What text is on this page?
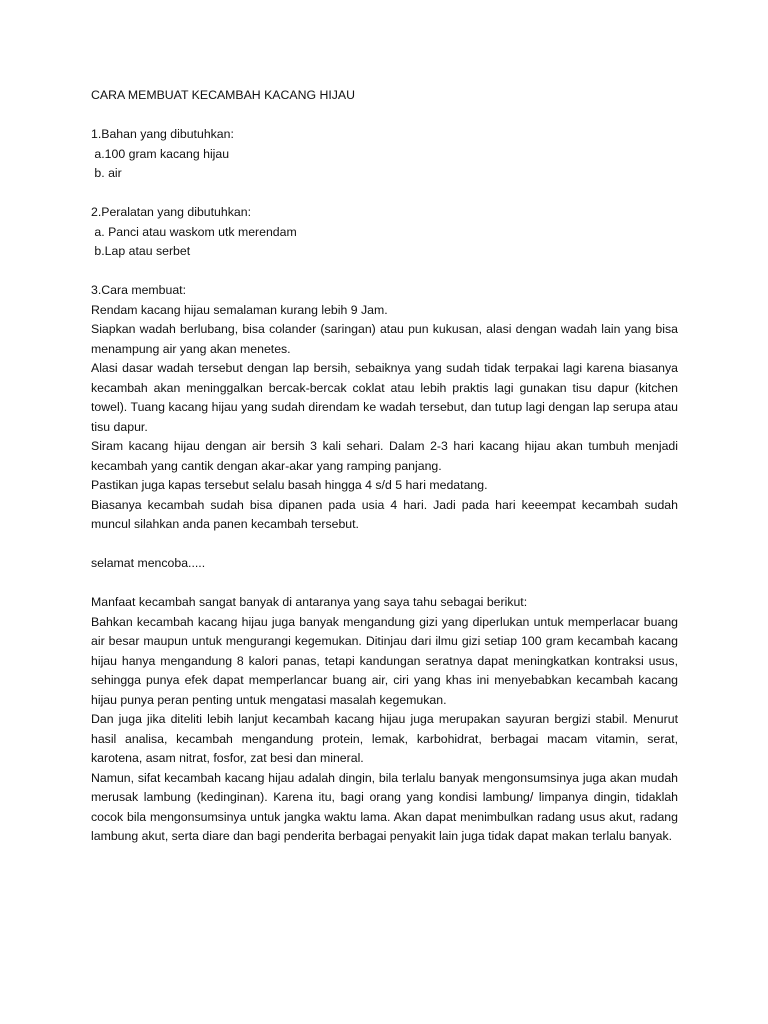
CARA MEMBUAT KECAMBAH KACANG HIJAU

1.Bahan yang dibutuhkan:

a.100 gram kacang hijau

b. air

2.Peralatan yang dibutuhkan:

a. Panci atau waskom utk merendam

b.Lap atau serbet

3.Cara membuat:

Rendam kacang hijau semalaman kurang lebih 9 Jam.

Siapkan wadah berlubang, bisa colander (saringan) atau pun kukusan, alasi dengan wadah lain yang bisa menampung air yang akan menetes.

Alasi dasar wadah tersebut dengan lap bersih, sebaiknya yang sudah tidak terpakai lagi karena biasanya kecambah akan meninggalkan bercak-bercak coklat atau lebih praktis lagi gunakan tisu dapur (kitchen towel). Tuang kacang hijau yang sudah direndam ke wadah tersebut, dan tutup lagi dengan lap serupa atau tisu dapur.

Siram kacang hijau dengan air bersih 3 kali sehari. Dalam 2-3 hari kacang hijau akan tumbuh menjadi kecambah yang cantik dengan akar-akar yang ramping panjang.

Pastikan juga kapas tersebut selalu basah hingga 4 s/d 5 hari medatang.

Biasanya kecambah sudah bisa dipanen pada usia 4 hari. Jadi pada hari keeempat kecambah sudah muncul silahkan anda panen kecambah tersebut.

selamat mencoba.....

Manfaat kecambah sangat banyak di antaranya yang saya tahu sebagai berikut:

Bahkan kecambah kacang hijau juga banyak mengandung gizi yang diperlukan untuk memperlacar buang air besar maupun untuk mengurangi kegemukan. Ditinjau dari ilmu gizi setiap 100 gram kecambah kacang hijau hanya mengandung 8 kalori panas, tetapi kandungan seratnya dapat meningkatkan kontraksi usus, sehingga punya efek dapat memperlancar buang air, ciri yang khas ini menyebabkan kecambah kacang hijau punya peran penting untuk mengatasi masalah kegemukan.

Dan juga jika diteliti lebih lanjut kecambah kacang hijau juga merupakan sayuran bergizi stabil. Menurut hasil analisa, kecambah mengandung protein, lemak, karbohidrat, berbagai macam vitamin, serat, karotena, asam nitrat, fosfor, zat besi dan mineral.

Namun, sifat kecambah kacang hijau adalah dingin, bila terlalu banyak mengonsumsinya juga akan mudah merusak lambung (kedinginan). Karena itu, bagi orang yang kondisi lambung/ limpanya dingin, tidaklah cocok bila mengonsumsinya untuk jangka waktu lama. Akan dapat menimbulkan radang usus akut, radang lambung akut, serta diare dan bagi penderita berbagai penyakit lain juga tidak dapat makan terlalu banyak.
